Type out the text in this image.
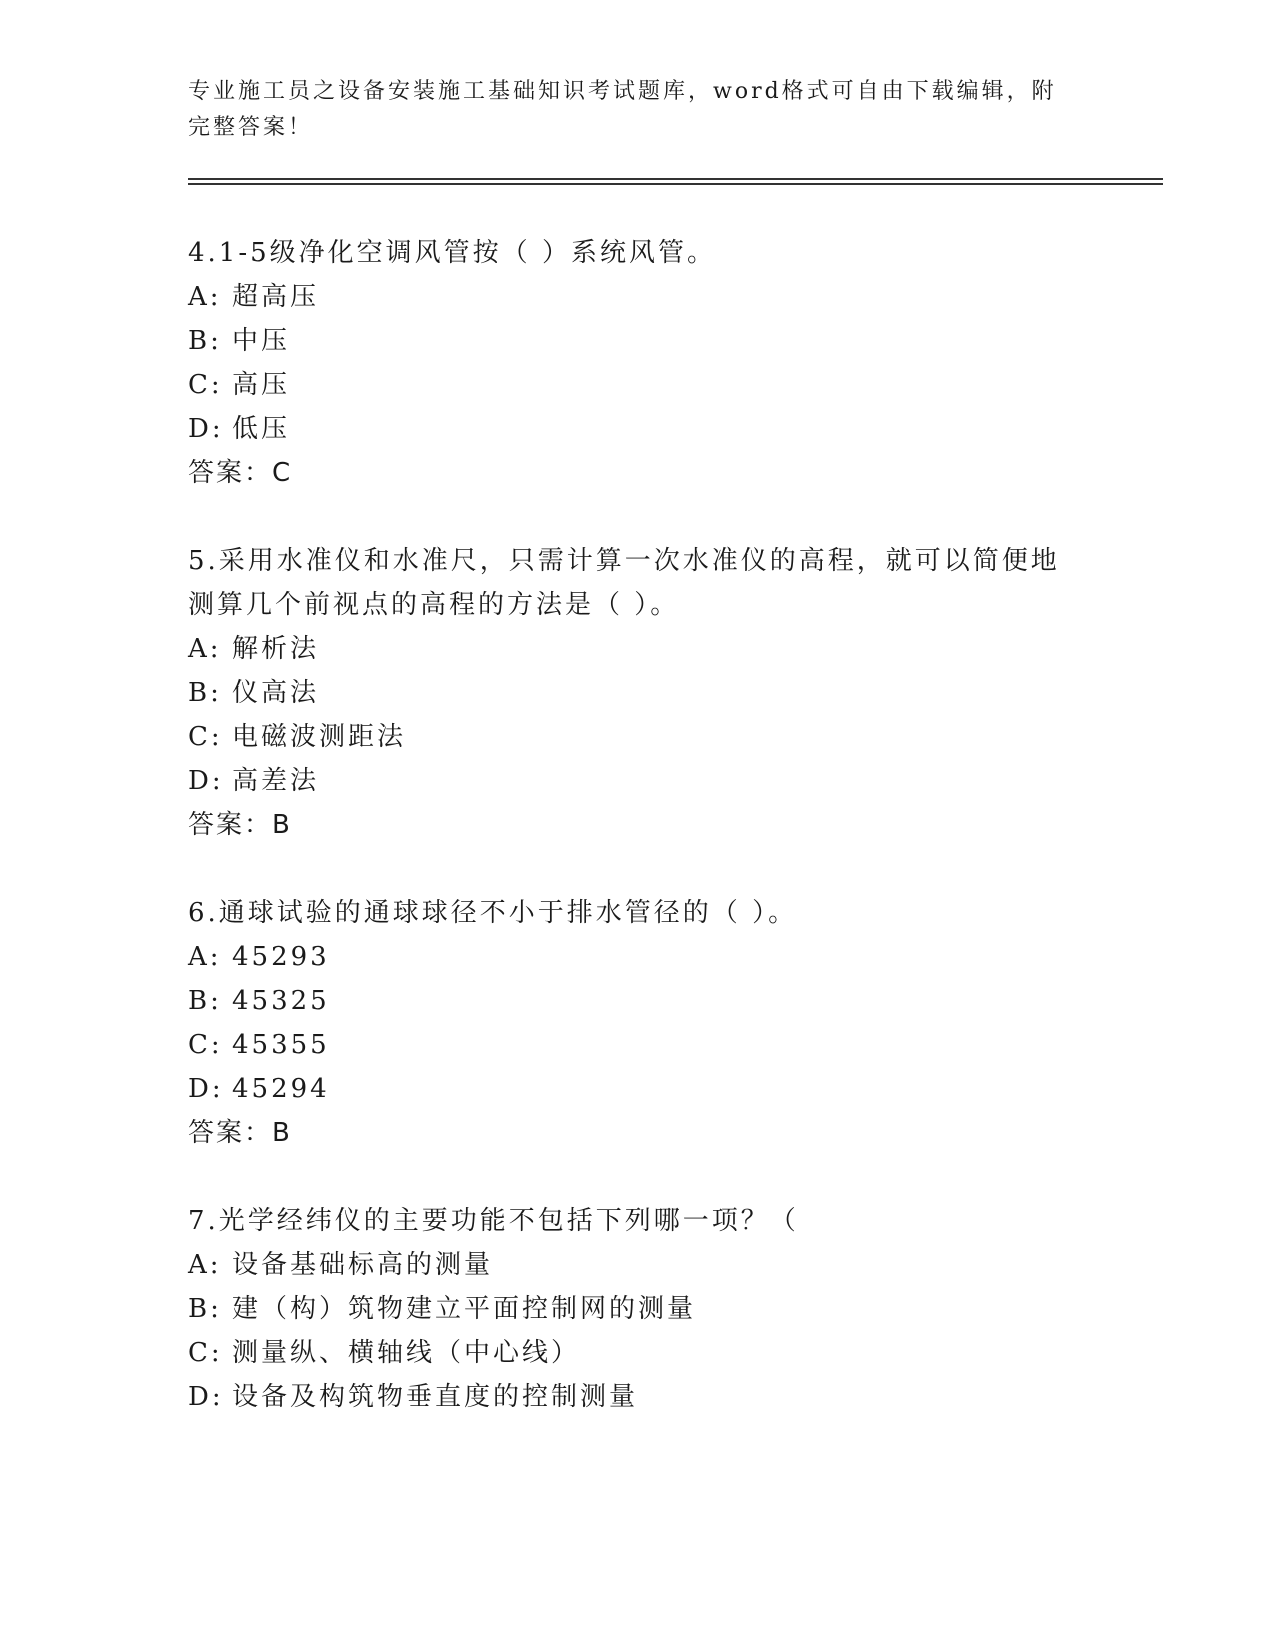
专业施工员之设备安装施工基础知识考试题库，word格式可自由下载编辑，附完整答案！
4.1-5级净化空调风管按（ ）系统风管。
A: 超高压
B: 中压
C: 高压
D: 低压
答案：C
5.采用水准仪和水准尺，只需计算一次水准仪的高程，就可以简便地
测算几个前视点的高程的方法是（ ）。
A: 解析法
B: 仪高法
C: 电磁波测距法
D: 高差法
答案：B
6.通球试验的通球球径不小于排水管径的（ ）。
A: 45293
B: 45325
C: 45355
D: 45294
答案：B
7.光学经纬仪的主要功能不包括下列哪一项？（
A: 设备基础标高的测量
B: 建（构）筑物建立平面控制网的测量
C: 测量纵、横轴线（中心线）
D: 设备及构筑物垂直度的控制测量
